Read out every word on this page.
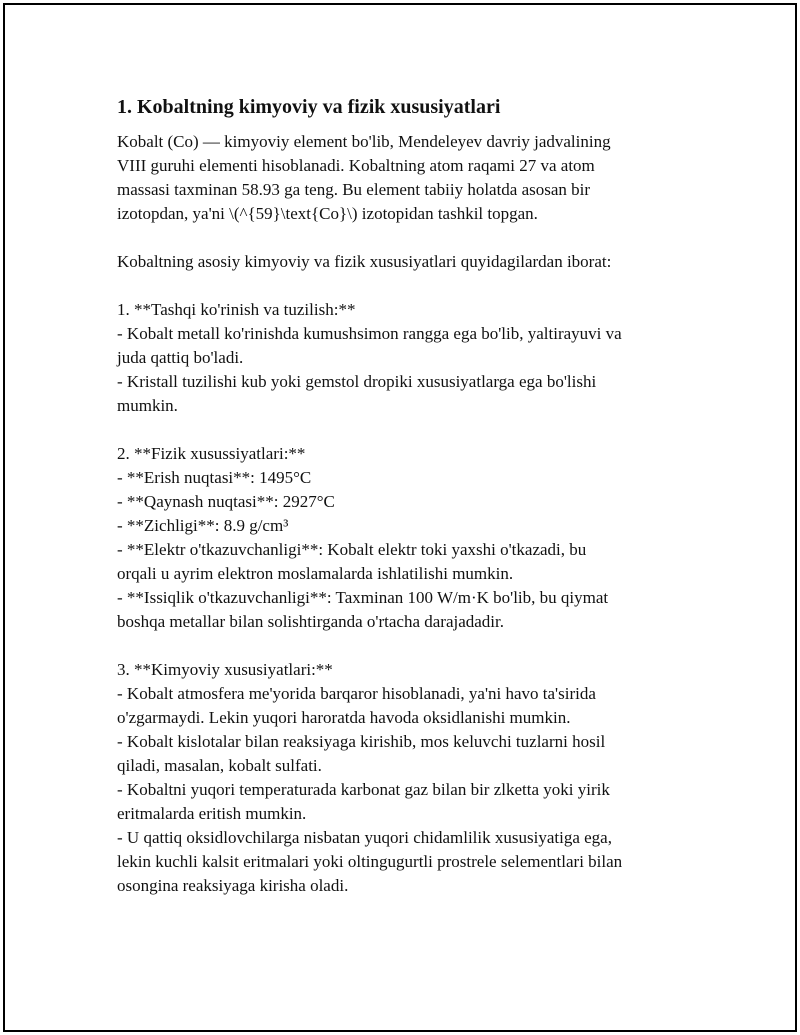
1. Kobaltning kimyoviy va fizik xususiyatlari

Kobalt (Co) — kimyoviy element bo'lib, Mendeleyev davriy jadvalining
VIII guruhi elementi hisoblanadi. Kobaltning atom raqami 27 va atom
massasi taxminan 58.93 ga teng. Bu element tabiiy holatda asosan bir
izotopdan, ya'ni \(^{59}\text{Co}\) izotopidan tashkil topgan.

Kobaltning asosiy kimyoviy va fizik xususiyatlari quyidagilardan iborat:

1. **Tashqi ko'rinish va tuzilish:**
- Kobalt metall ko'rinishda kumushsimon rangga ega bo'lib, yaltirayuvi va
juda qattiq bo'ladi.
- Kristall tuzilishi kub yoki gemstol dropiki xususiyatlarga ega bo'lishi
mumkin.

2. **Fizik xusussiyatlari:**
- **Erish nuqtasi**: 1495°C
- **Qaynash nuqtasi**: 2927°C
- **Zichligi**: 8.9 g/cm³
- **Elektr o'tkazuvchanligi**: Kobalt elektr toki yaxshi o'tkazadi, bu
orqali u ayrim elektron moslamalarda ishlatilishi mumkin.
- **Issiqlik o'tkazuvchanligi**: Taxminan 100 W/m·K bo'lib, bu qiymat
boshqa metallar bilan solishtirganda o'rtacha darajadadir.

3. **Kimyoviy xususiyatlari:**
- Kobalt atmosfera me'yorida barqaror hisoblanadi, ya'ni havo ta'sirida
o'zgarmaydi. Lekin yuqori haroratda havoda oksidlanishi mumkin.
- Kobalt kislotalar bilan reaksiyaga kirishib, mos keluvchi tuzlarni hosil
qiladi, masalan, kobalt sulfati.
- Kobaltni yuqori temperaturada karbonat gaz bilan bir zlketta yoki yirik
eritmalarda eritish mumkin.
- U qattiq oksidlovchilarga nisbatan yuqori chidamlilik xususiyatiga ega,
lekin kuchli kalsit eritmalari yoki oltingugurtli prostrele selementlari bilan
osongina reaksiyaga kirisha oladi.
